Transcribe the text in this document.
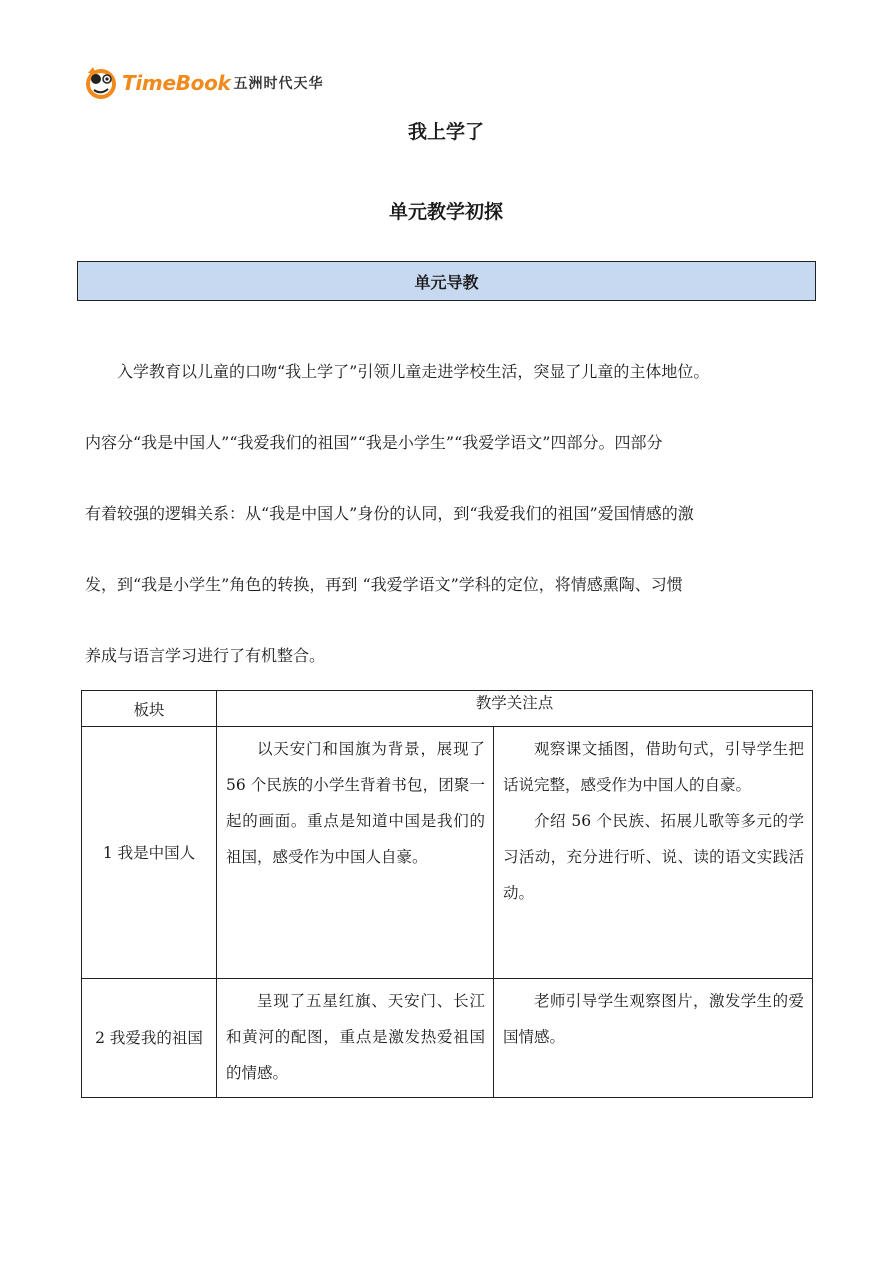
TimeBook 五洲时代天华
我上学了
单元教学初探
单元导教
入学教育以儿童的口吻“我上学了”引领儿童走进学校生活，突显了儿童的主体地位。
内容分“我是中国人”“我爱我们的祖国”“我是小学生”“我爱学语文”四部分。四部分
有着较强的逻辑关系：从“我是中国人”身份的认同，到“我爱我们的祖国”爱国情感的激
发，到“我是小学生”角色的转换，再到 “我爱学语文”学科的定位，将情感熏陶、习惯
养成与语言学习进行了有机整合。
板块	教学关注点	

1 我是中国人	以天安门和国旗为背景，展现了 56 个民族的小学生背着书包，团聚一起的画面。重点是知道中国是我们的祖国，感受作为中国人自豪。	观察课文插图，借助句式，引导学生把话说完整，感受作为中国人的自豪。

介绍 56 个民族、拓展儿歌等多元的学习活动，充分进行听、说、读的语文实践活动。

2 我爱我的祖国	呈现了五星红旗、天安门、长江和黄河的配图，重点是激发热爱祖国的情感。	老师引导学生观察图片，激发学生的爱国情感。
